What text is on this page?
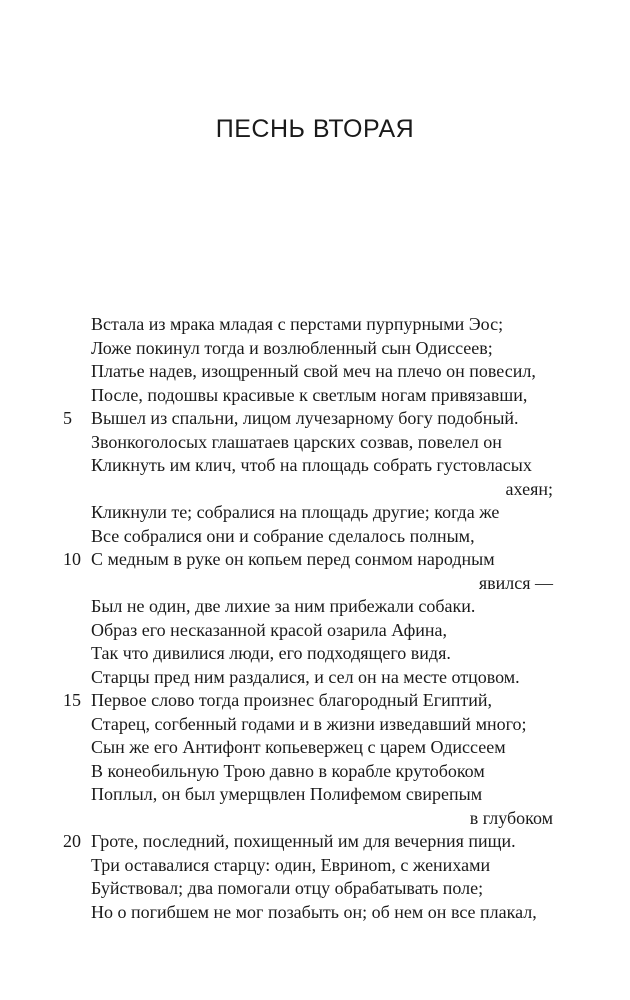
ПЕСНЬ ВТОРАЯ
Встала из мрака младая с перстами пурпурными Эос;
Ложе покинул тогда и возлюбленный сын Одиссеев;
Платье надев, изощренный свой меч на плечо он повесил,
После, подошвы красивые к светлым ногам привязавши,
5	Вышел из спальни, лицом лучезарному богу подобный.
Звонкоголосых глашатаев царских созвав, повелел он
Кликнуть им клич, чтоб на площадь собрать густовласых
ахеян;
Кликнули те; собралися на площадь другие; когда же
Все собралися они и собрание сделалось полным,
10 С медным в руке он копьем перед сонмом народным
явился —
Был не один, две лихие за ним прибежали собаки.
Образ его несказанной красой озарила Афина,
Так что дивилися люди, его подходящего видя.
Старцы пред ним раздалися, и сел он на месте отцовом.
15 Первое слово тогда произнес благородный Египтий,
Старец, согбенный годами и в жизни изведавший много;
Сын же его Антифонт копьевержец с царем Одиссеем
В конеобильную Трою давно в корабле крутобоком
Поплыл, он был умерщвлен Полифемом свирепым
в глубоком
20 Гроте, последний, похищенный им для вечерния пищи.
Три оставалися старцу: один, Евриноm, с женихами
Буйствовал; два помогали отцу обрабатывать поле;
Но о погибшем не мог позабыть он; об нем он все плакал,
